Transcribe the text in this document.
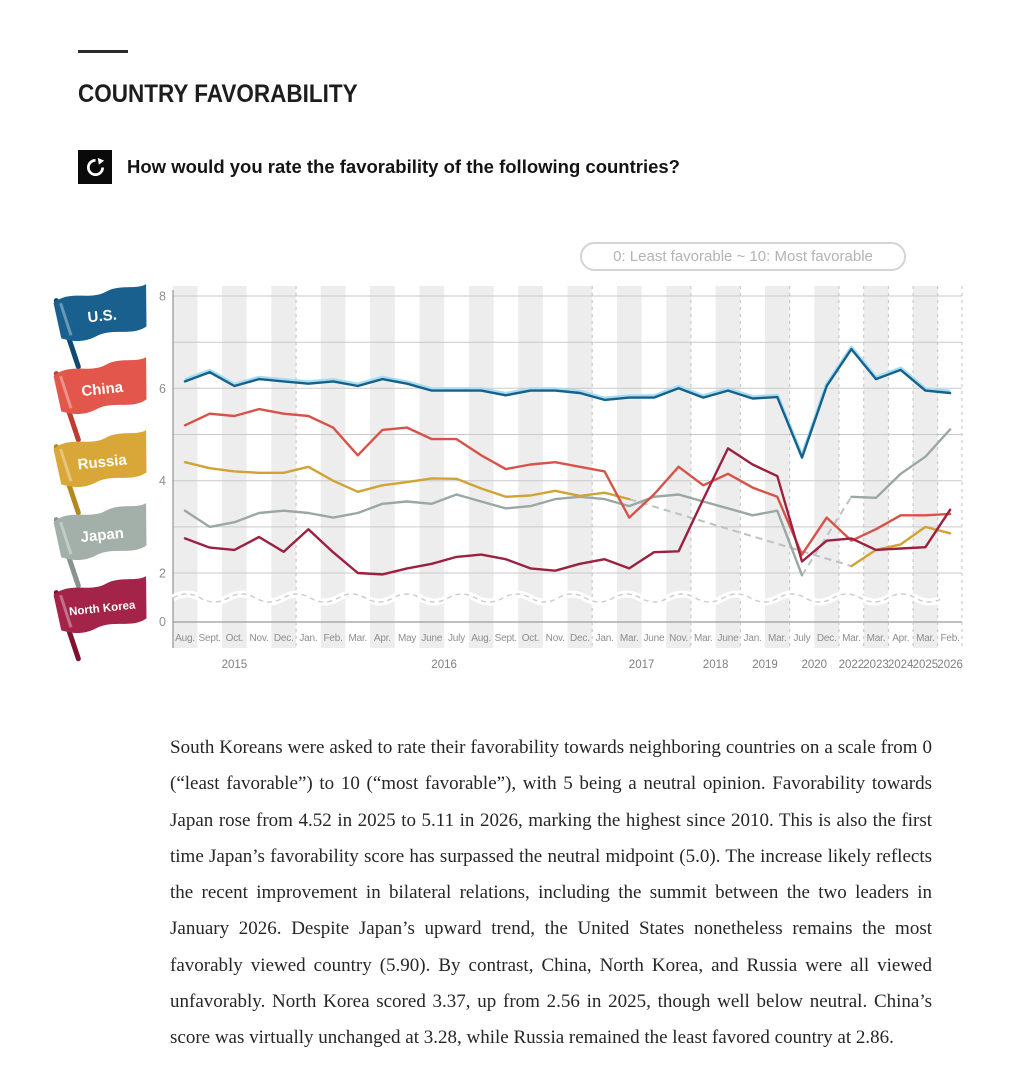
COUNTRY FAVORABILITY
How would you rate the favorability of the following countries?
0: Least favorable ~ 10: Most favorable
U.S.
China
Russia
Japan
North Korea
0
2
4
6
8
Aug. Sept. Oct. Nov. Dec. Jan. Feb. Mar. Apr. May June July Aug. Sept. Oct. Nov. Dec. Jan. Mar. June Nov. Mar. June Jan. Mar. July Dec. Mar. Mar. Apr. Mar. Feb.
2015	2016	2017	2018 2019 2020 2022 2023 2024 2025 2026

South Koreans were asked to rate their favorability towards neighboring countries on a scale from 0 (“least favorable”) to 10 (“most favorable”), with 5 being a neutral opinion. Favorability towards Japan rose from 4.52 in 2025 to 5.11 in 2026, marking the highest since 2010. This is also the first time Japan’s favorability score has surpassed the neutral midpoint (5.0). The increase likely reflects the recent improvement in bilateral relations, including the summit between the two leaders in January 2026. Despite Japan’s upward trend, the United States nonetheless remains the most favorably viewed country (5.90). By contrast, China, North Korea, and Russia were all viewed unfavorably. North Korea scored 3.37, up from 2.56 in 2025, though well below neutral. China’s score was virtually unchanged at 3.28, while Russia remained the least favored country at 2.86.
